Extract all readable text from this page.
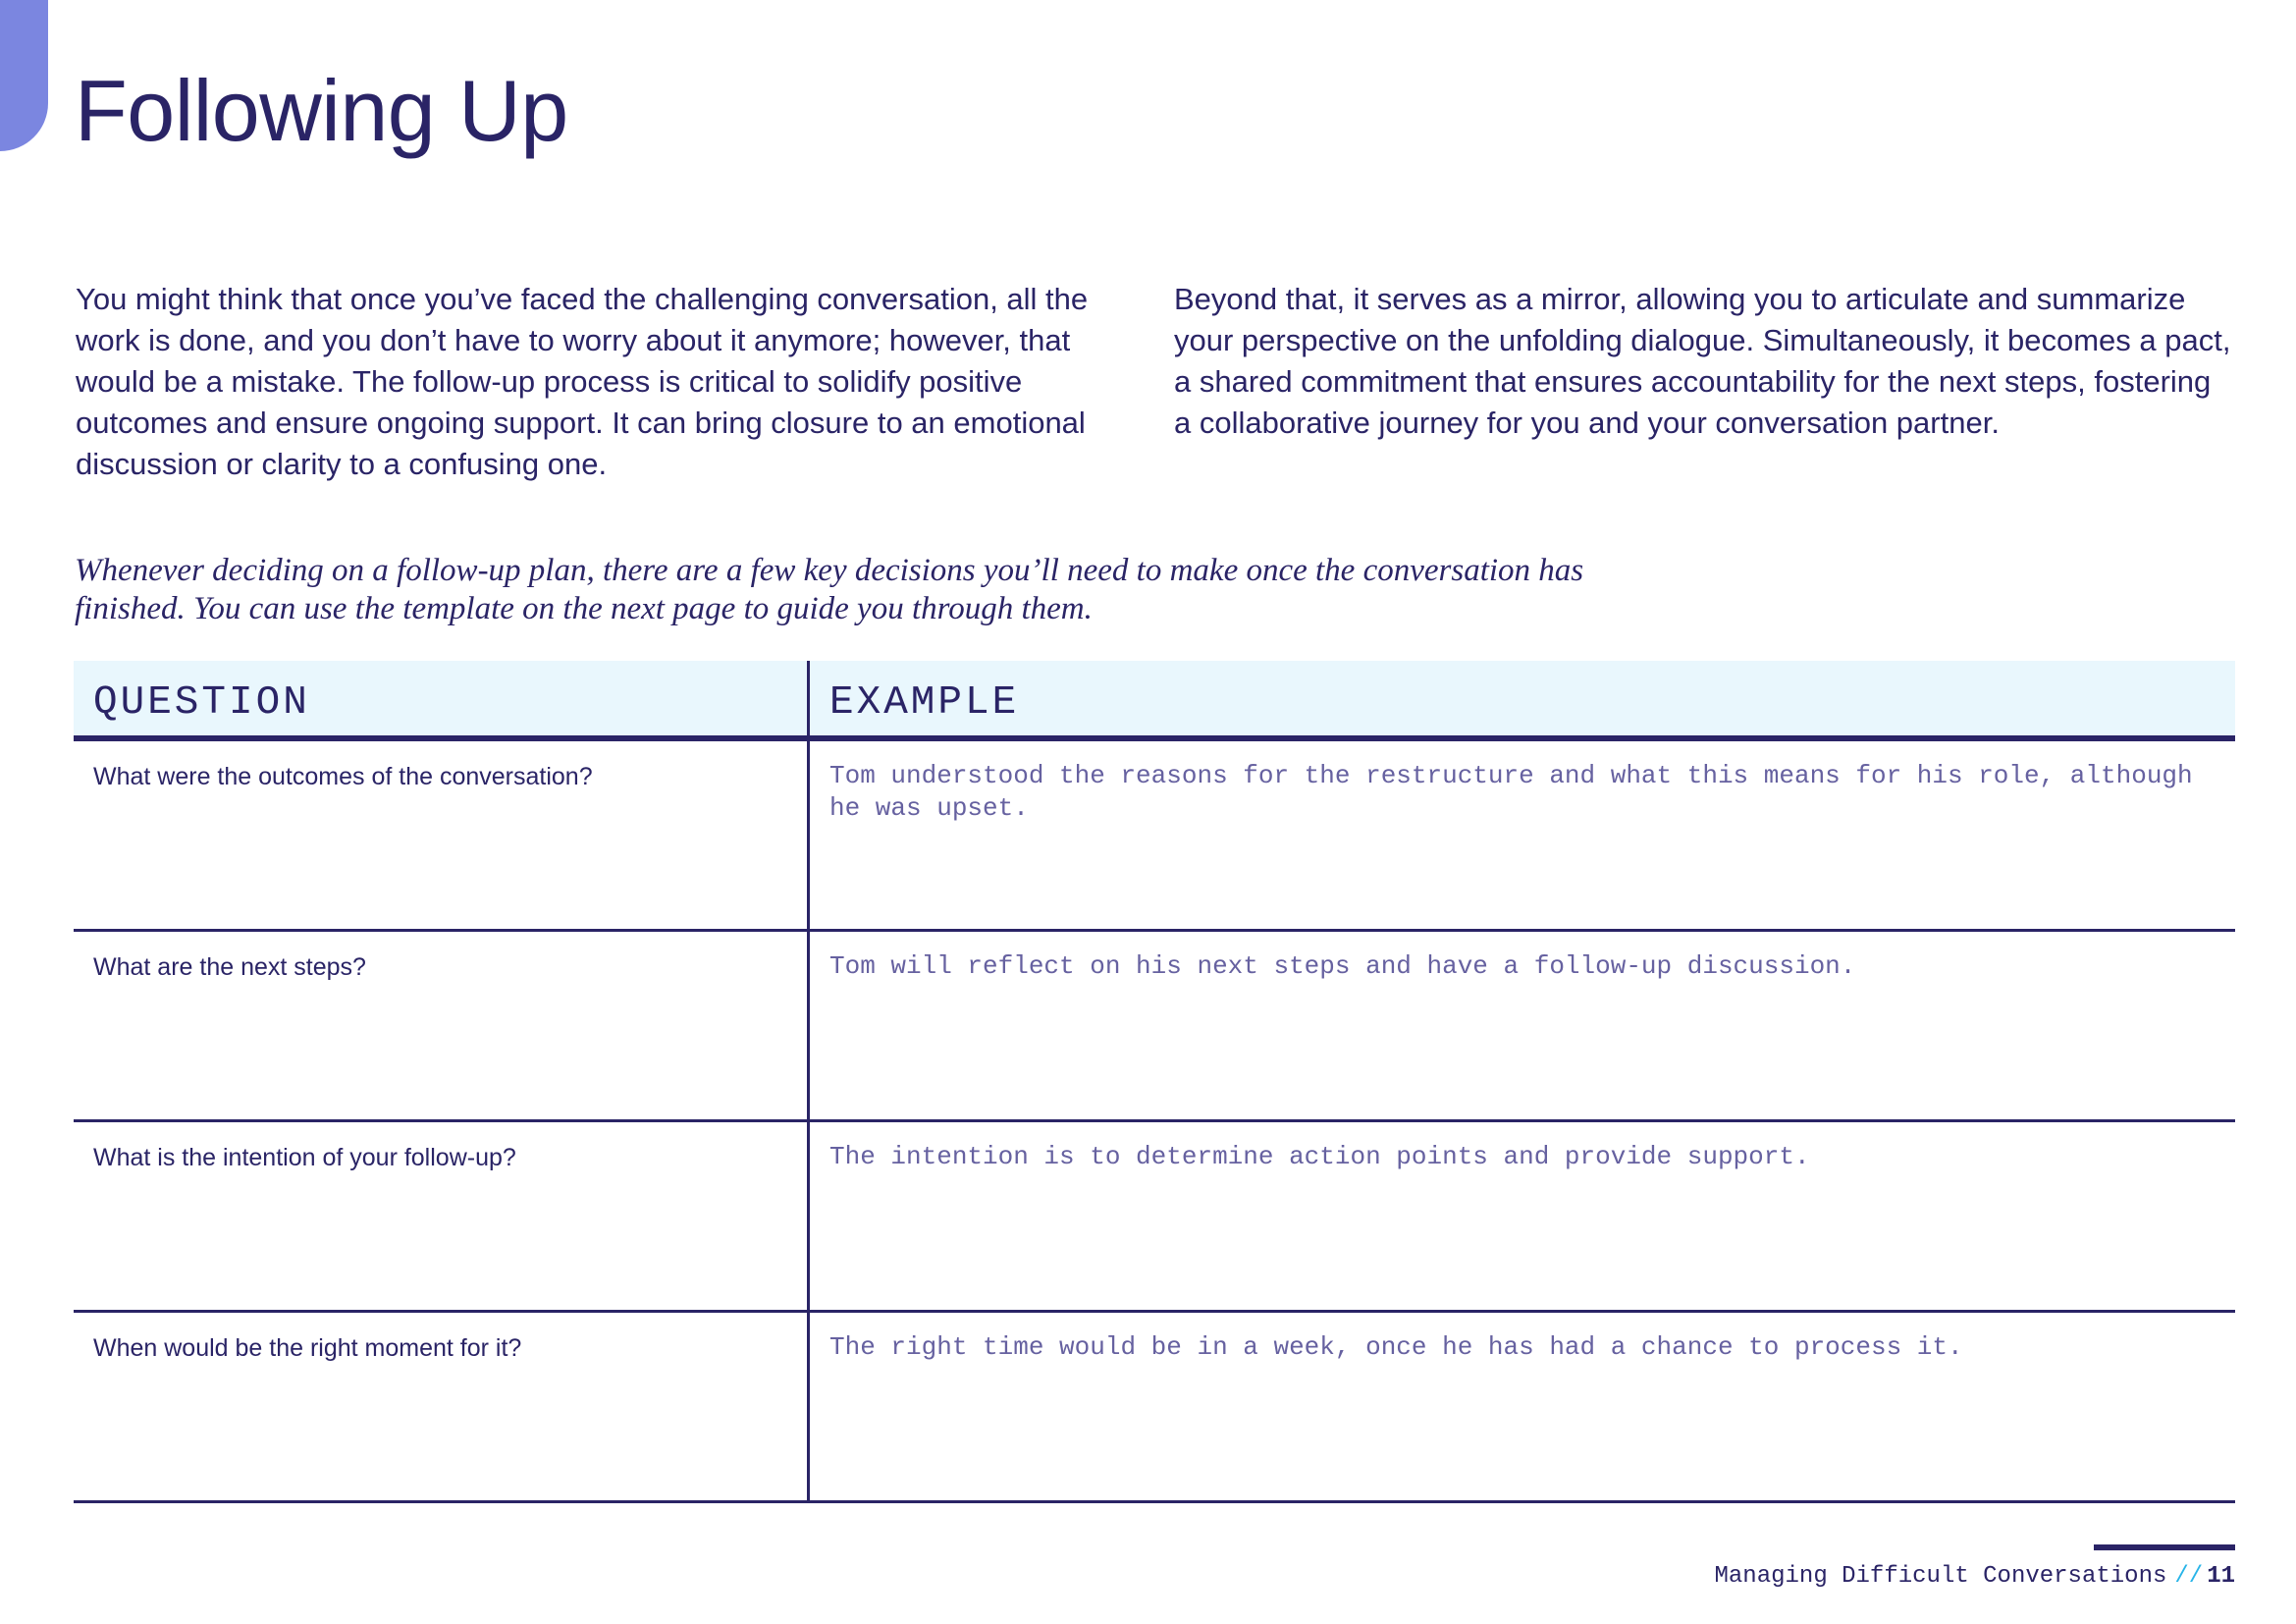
Following Up

You might think that once you’ve faced the challenging conversation, all the work is done, and you don’t have to worry about it anymore; however, that would be a mistake. The follow-up process is critical to solidify positive outcomes and ensure ongoing support. It can bring closure to an emotional discussion or clarity to a confusing one.

Beyond that, it serves as a mirror, allowing you to articulate and summarize your perspective on the unfolding dialogue. Simultaneously, it becomes a pact, a shared commitment that ensures accountability for the next steps, fostering a collaborative journey for you and your conversation partner.

Whenever deciding on a follow-up plan, there are a few key decisions you’ll need to make once the conversation has finished. You can use the template on the next page to guide you through them.

QUESTION	EXAMPLE
What were the outcomes of the conversation?	Tom understood the reasons for the restructure and what this means for his role, although he was upset.
What are the next steps?	Tom will reflect on his next steps and have a follow-up discussion.
What is the intention of your follow-up?	The intention is to determine action points and provide support.
When would be the right moment for it?	The right time would be in a week, once he has had a chance to process it.
Managing Difficult Conversations // 11
